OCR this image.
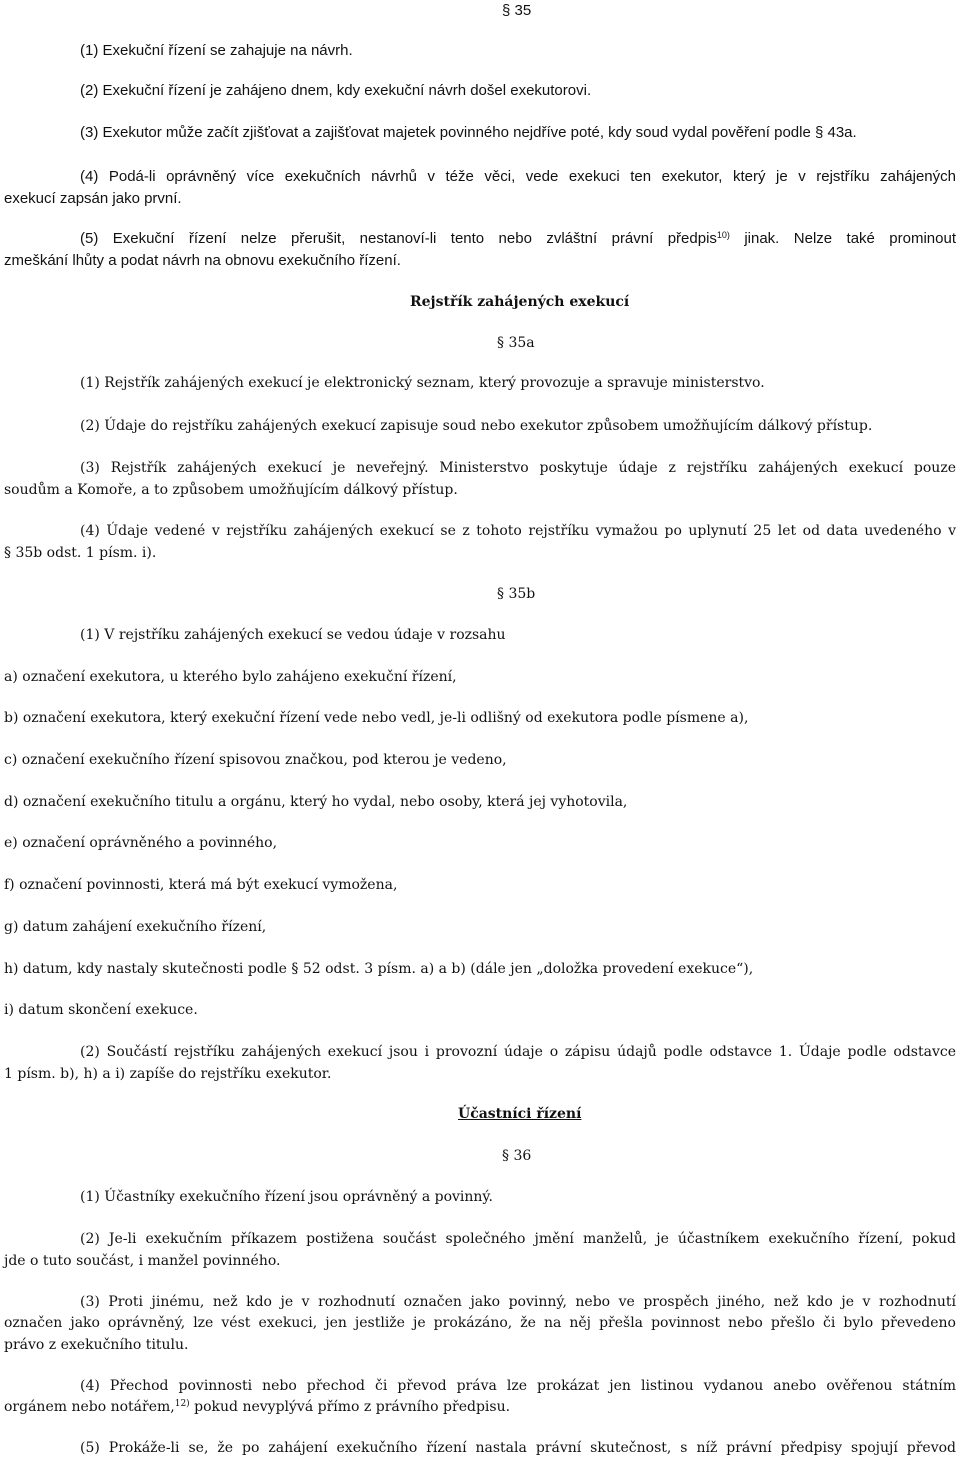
§ 35
(1) Exekuční řízení se zahajuje na návrh.
(2) Exekuční řízení je zahájeno dnem, kdy exekuční návrh došel exekutorovi.
(3) Exekutor může začít zjišťovat a zajišťovat majetek povinného nejdříve poté, kdy soud vydal pověření podle § 43a.
(4) Podá-li oprávněný více exekučních návrhů v téže věci, vede exekuci ten exekutor, který je v rejstříku zahájených
exekucí zapsán jako první.
(5) Exekuční řízení nelze přerušit, nestanoví-li tento nebo zvláštní právní předpis$^{10)}$ jinak. Nelze také prominout
zmeškání lhůty a podat návrh na obnovu exekučního řízení.
Rejstřík zahájených exekucí
§ 35a
(1) Rejstřík zahájených exekucí je elektronický seznam, který provozuje a spravuje ministerstvo.
(2) Údaje do rejstříku zahájených exekucí zapisuje soud nebo exekutor způsobem umožňujícím dálkový přístup.
(3) Rejstřík zahájených exekucí je neveřejný. Ministerstvo poskytuje údaje z rejstříku zahájených exekucí pouze
soudům a Komoře, a to způsobem umožňujícím dálkový přístup.
(4) Údaje vedené v rejstříku zahájených exekucí se z tohoto rejstříku vymažou po uplynutí 25 let od data uvedeného v
§ 35b odst. 1 písm. i).
§ 35b
(1) V rejstříku zahájených exekucí se vedou údaje v rozsahu
a) označení exekutora, u kterého bylo zahájeno exekuční řízení,
b) označení exekutora, který exekuční řízení vede nebo vedl, je-li odlišný od exekutora podle písmene a),
c) označení exekučního řízení spisovou značkou, pod kterou je vedeno,
d) označení exekučního titulu a orgánu, který ho vydal, nebo osoby, která jej vyhotovila,
e) označení oprávněného a povinného,
f) označení povinnosti, která má být exekucí vymožena,
g) datum zahájení exekučního řízení,
h) datum, kdy nastaly skutečnosti podle § 52 odst. 3 písm. a) a b) (dále jen „doložka provedení exekuce“),
i) datum skončení exekuce.
(2) Součástí rejstříku zahájených exekucí jsou i provozní údaje o zápisu údajů podle odstavce 1. Údaje podle odstavce
1 písm. b), h) a i) zapíše do rejstříku exekutor.
Účastníci řízení
§ 36
(1) Účastníky exekučního řízení jsou oprávněný a povinný.
(2) Je-li exekučním příkazem postižena součást společného jmění manželů, je účastníkem exekučního řízení, pokud
jde o tuto součást, i manžel povinného.
(3) Proti jinému, než kdo je v rozhodnutí označen jako povinný, nebo ve prospěch jiného, než kdo je v rozhodnutí
označen jako oprávněný, lze vést exekuci, jen jestliže je prokázáno, že na něj přešla povinnost nebo přešlo či bylo převedeno
právo z exekučního titulu.
(4) Přechod povinnosti nebo přechod či převod práva lze prokázat jen listinou vydanou anebo ověřenou státním
orgánem nebo notářem,$^{12)}$ pokud nevyplývá přímo z právního předpisu.
(5) Prokáže-li se, že po zahájení exekučního řízení nastala právní skutečnost, s níž právní předpisy spojují převod
